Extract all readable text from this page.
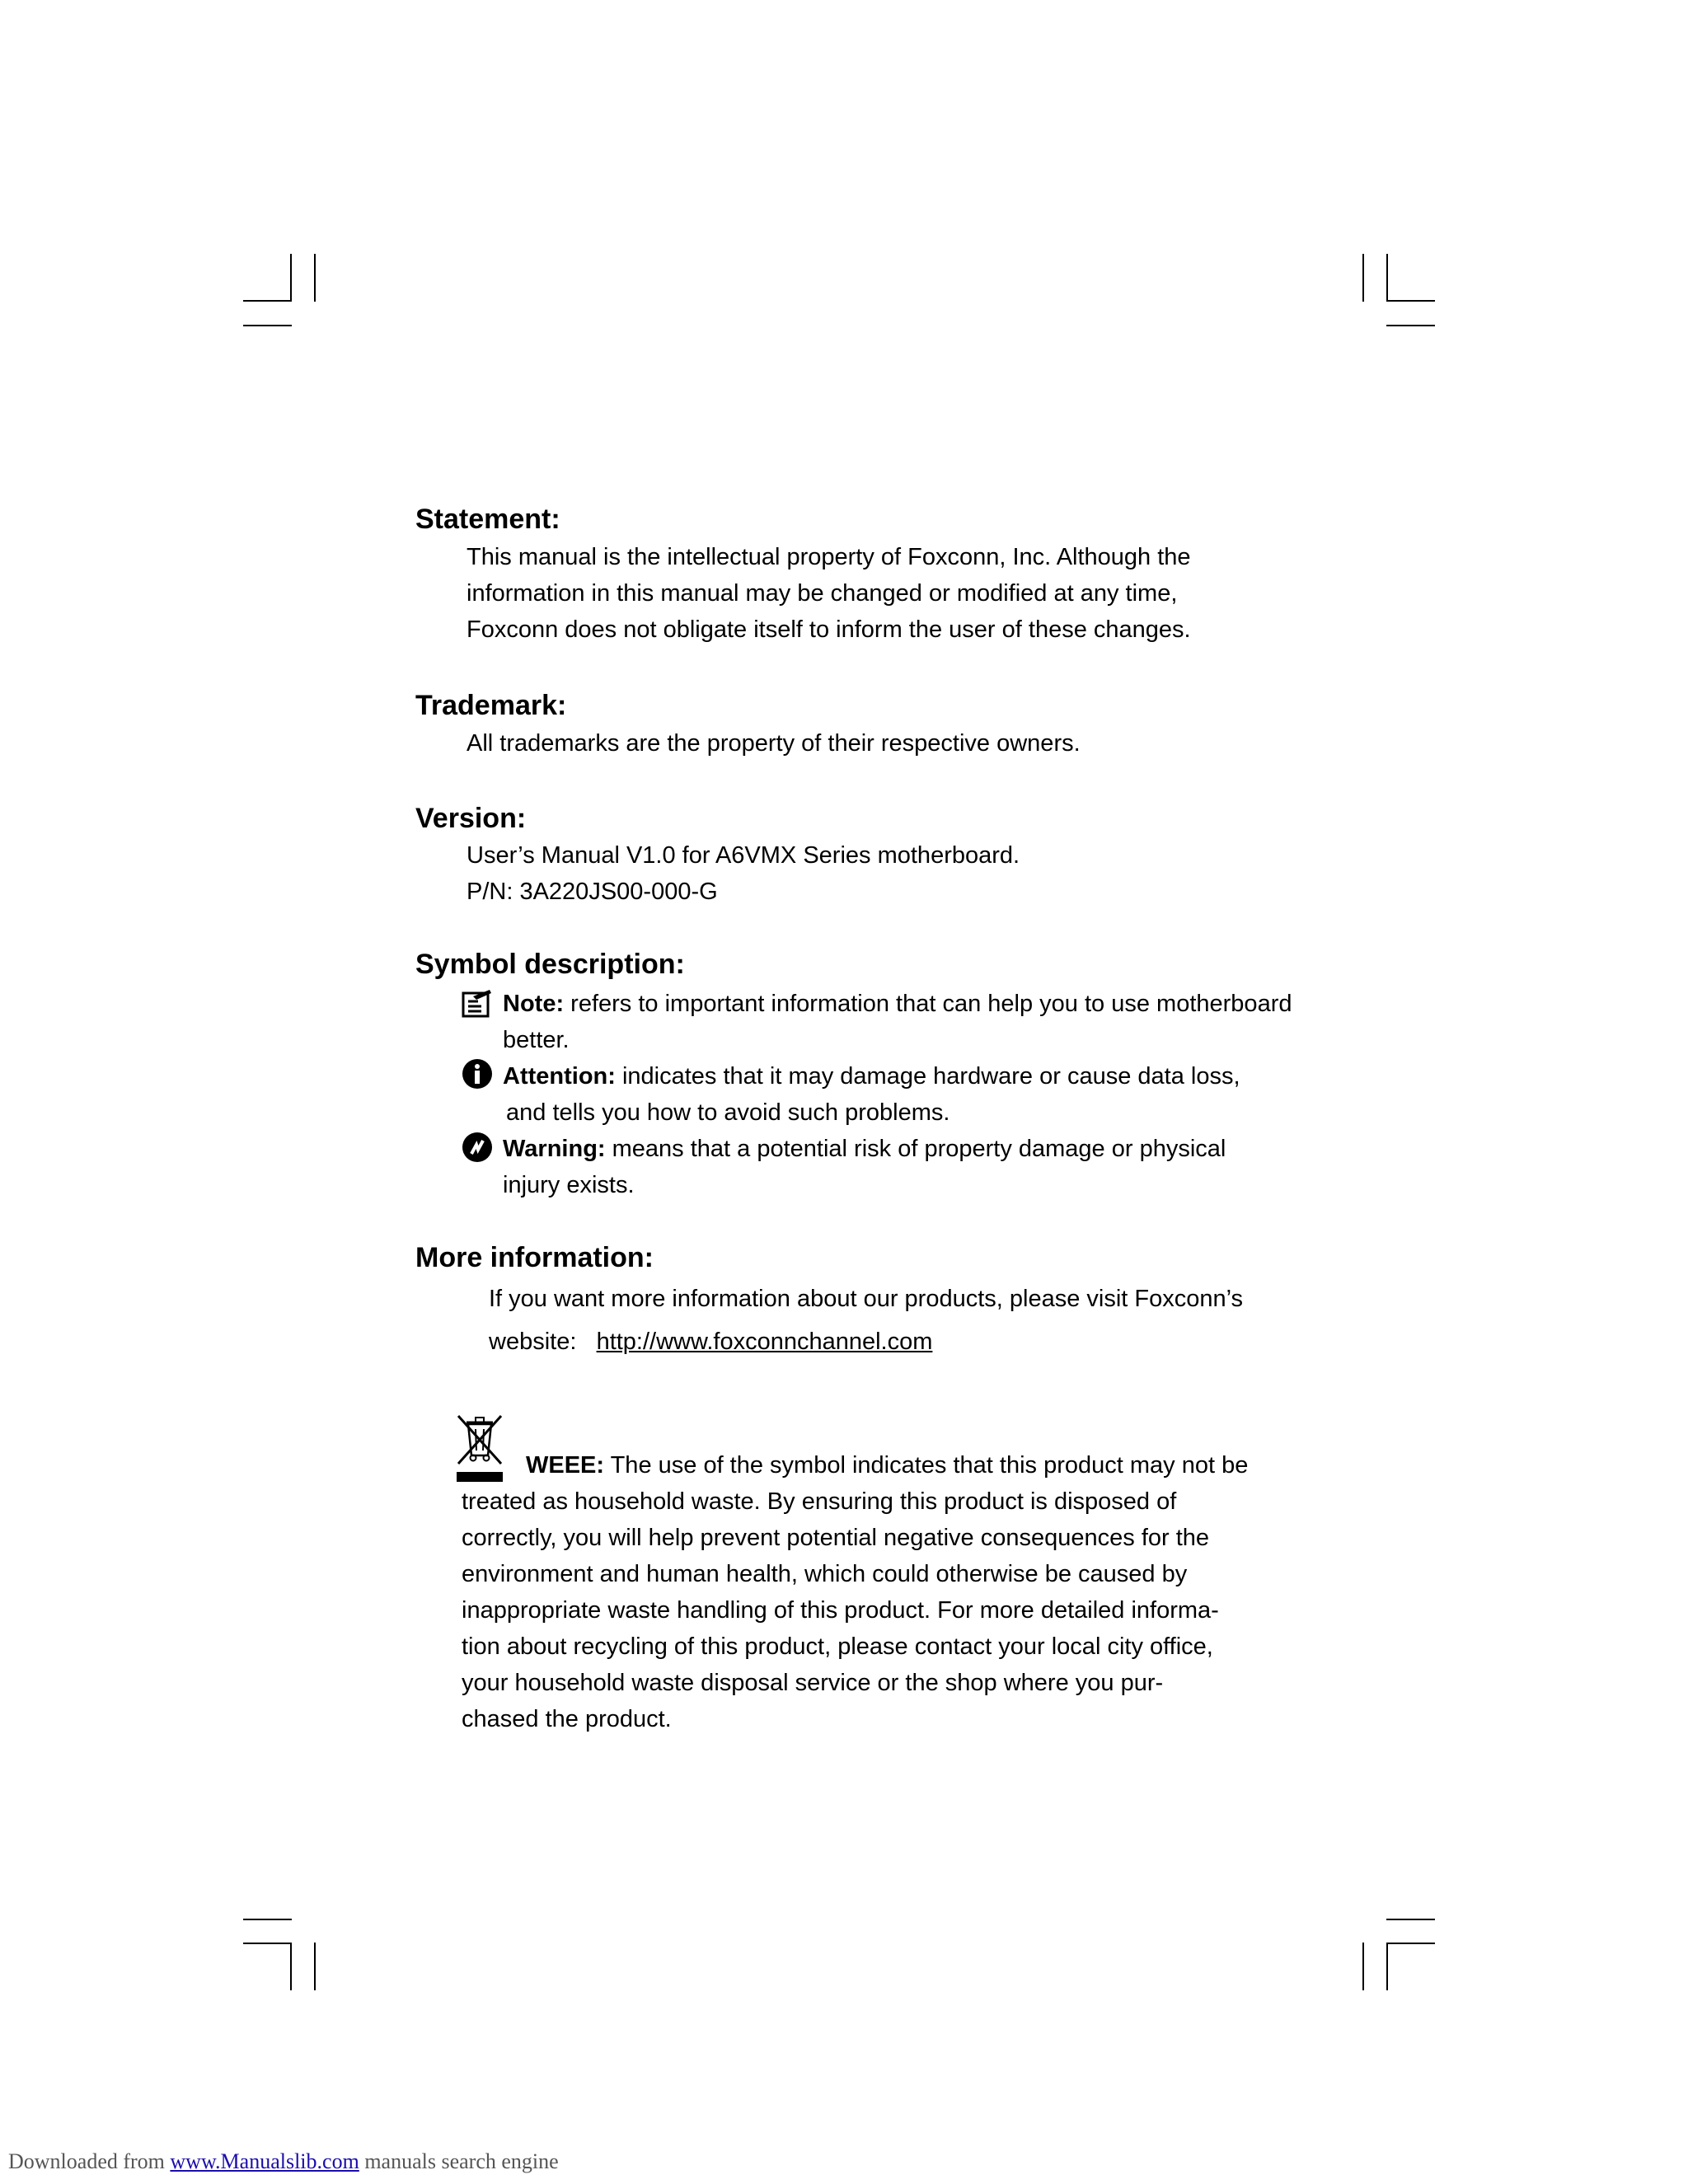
Statement:
This manual is the intellectual property of Foxconn, Inc. Although the
information in this manual may be changed or modified at any time,
Foxconn does not obligate itself to inform the user of these changes.
Trademark:
All trademarks are the property of their respective owners.
Version:
User’s Manual V1.0 for A6VMX Series motherboard.
P/N: 3A220JS00-000-G
Symbol description:
Note: refers to important information that can help you to use motherboard
better.
Attention: indicates that it may damage hardware or cause data loss,
and tells you how to avoid such problems.
Warning: means that a potential risk of property damage or physical
injury exists.
More information:
If you want more information about our products, please visit Foxconn’s
website: http://www.foxconnchannel.com
WEEE: The use of the symbol indicates that this product may not be
treated as household waste. By ensuring this product is disposed of
correctly, you will help prevent potential negative consequences for the
environment and human health, which could otherwise be caused by
inappropriate waste handling of this product. For more detailed informa-
tion about recycling of this product, please contact your local city office,
your household waste disposal service or the shop where you pur-
chased the product.
Downloaded from www.Manualslib.com manuals search engine
